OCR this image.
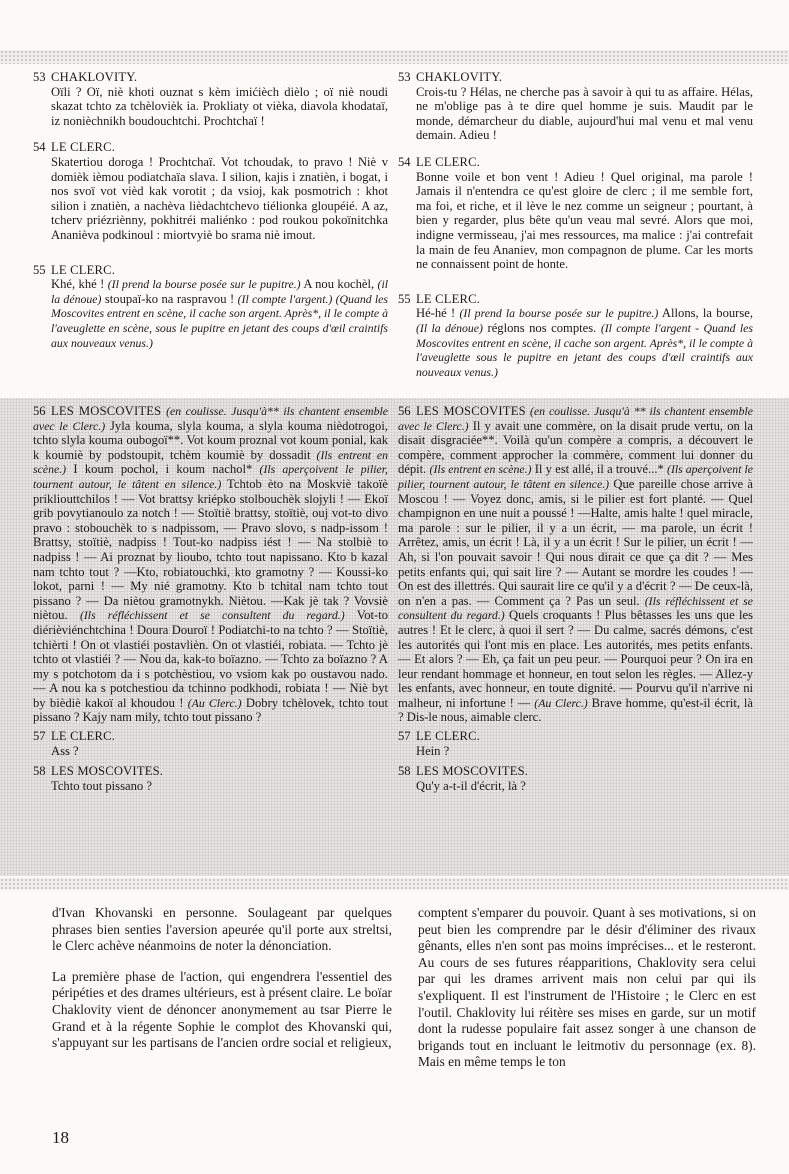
53 CHAKLOVITY.
Oïli ? Oï, niè khoti ouznat s kèm imićièch dièlo ; oï niè noudi skazat tchto za tchèlovièk ia. Prokliaty ot vièka, diavola khodataï, iz nonièchnikh boudouchtchi. Prochtchaï !
54 LE CLERC.
Skatertiou doroga ! Prochtchaï. Vot tchoudak, to pravo ! Niè v domièk ièmou podiatchaïa slava. I silion, kajis i znatièn, i bogat, i nos svoï vot vièd kak vorotit ; da vsioj, kak posmotrich : khot silion i znatièn, a nachèva lièdachtchevo tiélionka gloupéié. A az, tcherv priézriènny, pokhitréi maliénko : pod roukou pokoïnitchka Ananièva podkinoul : miortvyiè bo srama niè imout.
55 LE CLERC.
Khé, khé ! (Il prend la bourse posée sur le pupitre.) A nou kochèl, (il la dénoue) stoupaï-ko na raspravou ! (Il compte l'argent.) (Quand les Moscovites entrent en scène, il cache son argent. Après*, il le compte à l'aveuglette en scène, sous le pupitre en jetant des coups d'œil craintifs aux nouveaux venus.)
53 CHAKLOVITY.
Crois-tu ? Hélas, ne cherche pas à savoir à qui tu as affaire. Hélas, ne m'oblige pas à te dire quel homme je suis. Maudit par le monde, démarcheur du diable, aujourd'hui mal venu et mal venu demain. Adieu !
54 LE CLERC.
Bonne voile et bon vent ! Adieu ! Quel original, ma parole ! Jamais il n'entendra ce qu'est gloire de clerc ; il me semble fort, ma foi, et riche, et il lève le nez comme un seigneur ; pourtant, à bien y regarder, plus bête qu'un veau mal sevré. Alors que moi, indigne vermisseau, j'ai mes ressources, ma malice : j'ai contrefait la main de feu Ananiev, mon compagnon de plume. Car les morts ne connaissent point de honte.
55 LE CLERC.
Hé-hé ! (Il prend la bourse posée sur le pupitre.) Allons, la bourse, (Il la dénoue) réglons nos comptes. (Il compte l'argent - Quand les Moscovites entrent en scène, il cache son argent. Après*, il le compte à l'aveuglette sous le pupitre en jetant des coups d'œil craintifs aux nouveaux venus.)
56 LES MOSCOVITES (en coulisse. Jusqu'à** ils chantent ensemble avec le Clerc.) Jyla kouma, slyla kouma, a slyla kouma nièdotrogoi, tchto slyla kouma oubogoï**. Vot koum proznal vot koum ponial, kak k koumiè by podstoupit, tchèm koumiè by dossadit (Ils entrent en scène.) I koum pochol, i koum nachol* (Ils aperçoivent le pilier, tournent autour, le tâtent en silence.) Tchtob èto na Moskviè takoïè prikliouttchilos ! — Vot brattsy kriépko stolbouchèk slojyli ! — Ekoï grib povytianoulo za notch ! — Stoïtiè brattsy, stoïtiè, ouj vot-to divo pravo : stobouchèk to s nadpissom, — Pravo slovo, s nadp-issom ! Brattsy, stoïtiè, nadpiss ! Tout-ko nadpiss iést ! — Na stolbiè to nadpiss ! — Ai proznat by lioubo, tchto tout napissano. Kto b kazal nam tchto tout ? —Kto, robiatouchki, kto gramotny ? — Koussi-ko lokot, parni ! — My nié gramotny. Kto b tchital nam tchto tout pissano ? — Da niètou gramotnykh. Niètou. —Kak jè tak ? Vovsiè niètou. (Ils réfléchissent et se consultent du regard.) Vot-to diérièviénchtchina ! Doura Douroï ! Podiatchi-to na tchto ? — Stoïtiè, tchièrti ! On ot vlastiéi postavlièn. On ot vlastiéi, robiata. — Tchto jè tchto ot vlastiéi ? — Nou da, kak-to boïazno. — Tchto za boïazno ? A my s potchotom da i s potchèstiou, vo vsiom kak po oustavou nado. — A nou ka s potchestiou da tchinno podkhodi, robiata ! — Niè byt by bièdiè kakoï al khoudou ! (Au Clerc.) Dobry tchèlovek, tchto tout pissano ? Kajy nam mily, tchto tout pissano ?
57 LE CLERC.
Ass ?
58 LES MOSCOVITES.
Tchto tout pissano ?
56 LES MOSCOVITES (en coulisse. Jusqu'à ** ils chantent ensemble avec le Clerc.) Il y avait une commère, on la disait prude vertu, on la disait disgraciée**. Voilà qu'un compère a compris, a découvert le compère, comment approcher la commère, comment lui donner du dépit. (Ils entrent en scène.) Il y est allé, il a trouvé...* (Ils aperçoivent le pilier, tournent autour, le tâtent en silence.) Que pareille chose arrive à Moscou ! — Voyez donc, amis, si le pilier est fort planté. — Quel champignon en une nuit a poussé ! —Halte, amis halte ! quel miracle, ma parole : sur le pilier, il y a un écrit, — ma parole, un écrit ! Arrêtez, amis, un écrit ! Là, il y a un écrit ! Sur le pilier, un écrit ! — Ah, si l'on pouvait savoir ! Qui nous dirait ce que ça dit ? — Mes petits enfants qui, qui sait lire ? — Autant se mordre les coudes ! — On est des illettrés. Qui saurait lire ce qu'il y a d'écrit ? — De ceux-là, on n'en a pas. — Comment ça ? Pas un seul. (Ils réfléchissent et se consultent du regard.) Quels croquants ! Plus bêtasses les uns que les autres ! Et le clerc, à quoi il sert ? — Du calme, sacrés démons, c'est les autorités qui l'ont mis en place. Les autorités, mes petits enfants. — Et alors ? — Eh, ça fait un peu peur. — Pourquoi peur ? On ira en leur rendant hommage et honneur, en tout selon les règles. — Allez-y les enfants, avec honneur, en toute dignité. — Pourvu qu'il n'arrive ni malheur, ni infortune ! — (Au Clerc.) Brave homme, qu'est-il écrit, là ? Dis-le nous, aimable clerc.
57 LE CLERC.
Hein ?
58 LES MOSCOVITES.
Qu'y a-t-il d'écrit, là ?

d'Ivan Khovanski en personne. Soulageant par quelques phrases bien senties l'aversion apeurée qu'il porte aux streltsi, le Clerc achève néanmoins de noter la dénonciation.

La première phase de l'action, qui engendrera l'essentiel des péripéties et des drames ultérieurs, est à présent claire. Le boïar Chaklovity vient de dénoncer anonymement au tsar Pierre le Grand et à la régente Sophie le complot des Khovanski qui, s'appuyant sur les partisans de l'ancien ordre social et religieux,

comptent s'emparer du pouvoir. Quant à ses motivations, si on peut bien les comprendre par le désir d'éliminer des rivaux gênants, elles n'en sont pas moins imprécises... et le resteront. Au cours de ses futures réapparitions, Chaklovity sera celui par qui les drames arrivent mais non celui par qui ils s'expliquent. Il est l'instrument de l'Histoire ; le Clerc en est l'outil. Chaklovity lui réitère ses mises en garde, sur un motif dont la rudesse populaire fait assez songer à une chanson de brigands tout en incluant le leitmotiv du personnage (ex. 8). Mais en même temps le ton

18
